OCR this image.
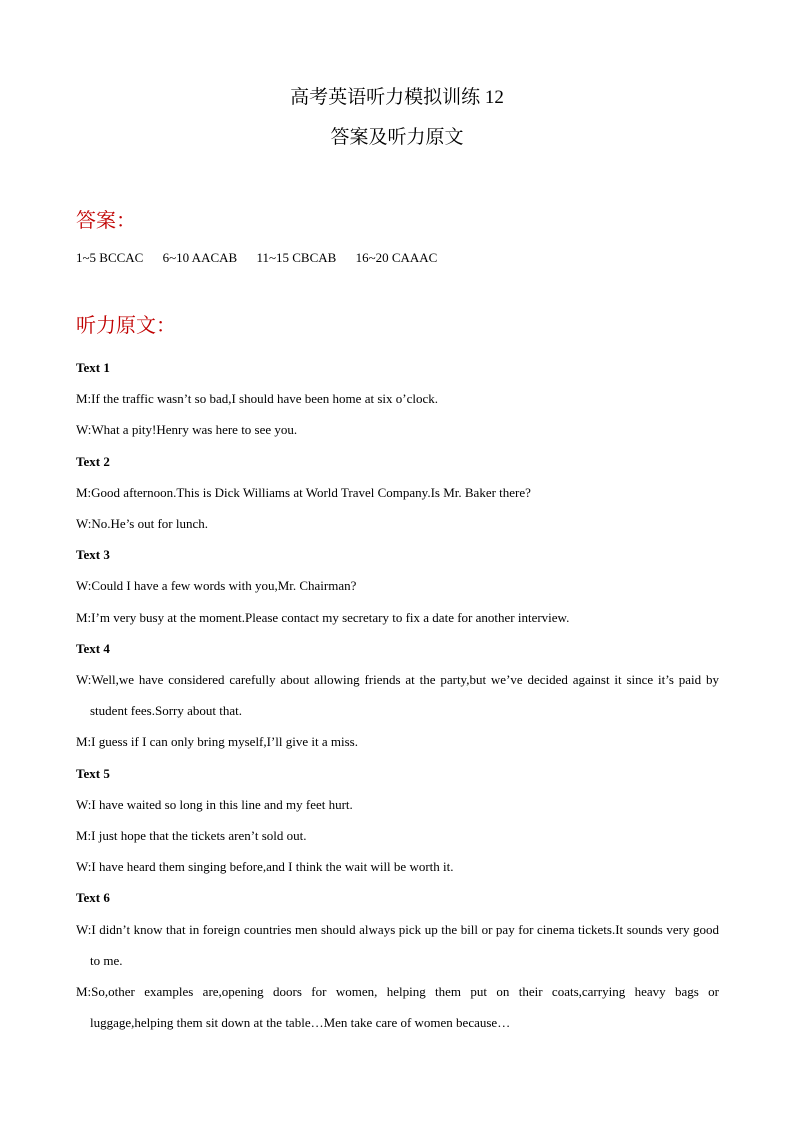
高考英语听力模拟训练 12
答案及听力原文
答案：
1~5 BCCAC 6~10 AACAB 11~15 CBCAB 16~20 CAAAC
听力原文：
Text 1
M:If the traffic wasn’t so bad,I should have been home at six o’clock.
W:What a pity!Henry was here to see you.
Text 2
M:Good afternoon.This is Dick Williams at World Travel Company.Is Mr. Baker there?
W:No.He’s out for lunch.
Text 3
W:Could I have a few words with you,Mr. Chairman?
M:I’m very busy at the moment.Please contact my secretary to fix a date for another interview.
Text 4
W:Well,we have considered carefully about allowing friends at the party,but we’ve decided against it since it’s paid by student fees.Sorry about that.
M:I guess if I can only bring myself,I’ll give it a miss.
Text 5
W:I have waited so long in this line and my feet hurt.
M:I just hope that the tickets aren’t sold out.
W:I have heard them singing before,and I think the wait will be worth it.
Text 6
W:I didn’t know that in foreign countries men should always pick up the bill or pay for cinema tickets.It sounds very good to me.
M:So,other examples are,opening doors for women, helping them put on their coats,carrying heavy bags or luggage,helping them sit down at the table…Men take care of women because…
